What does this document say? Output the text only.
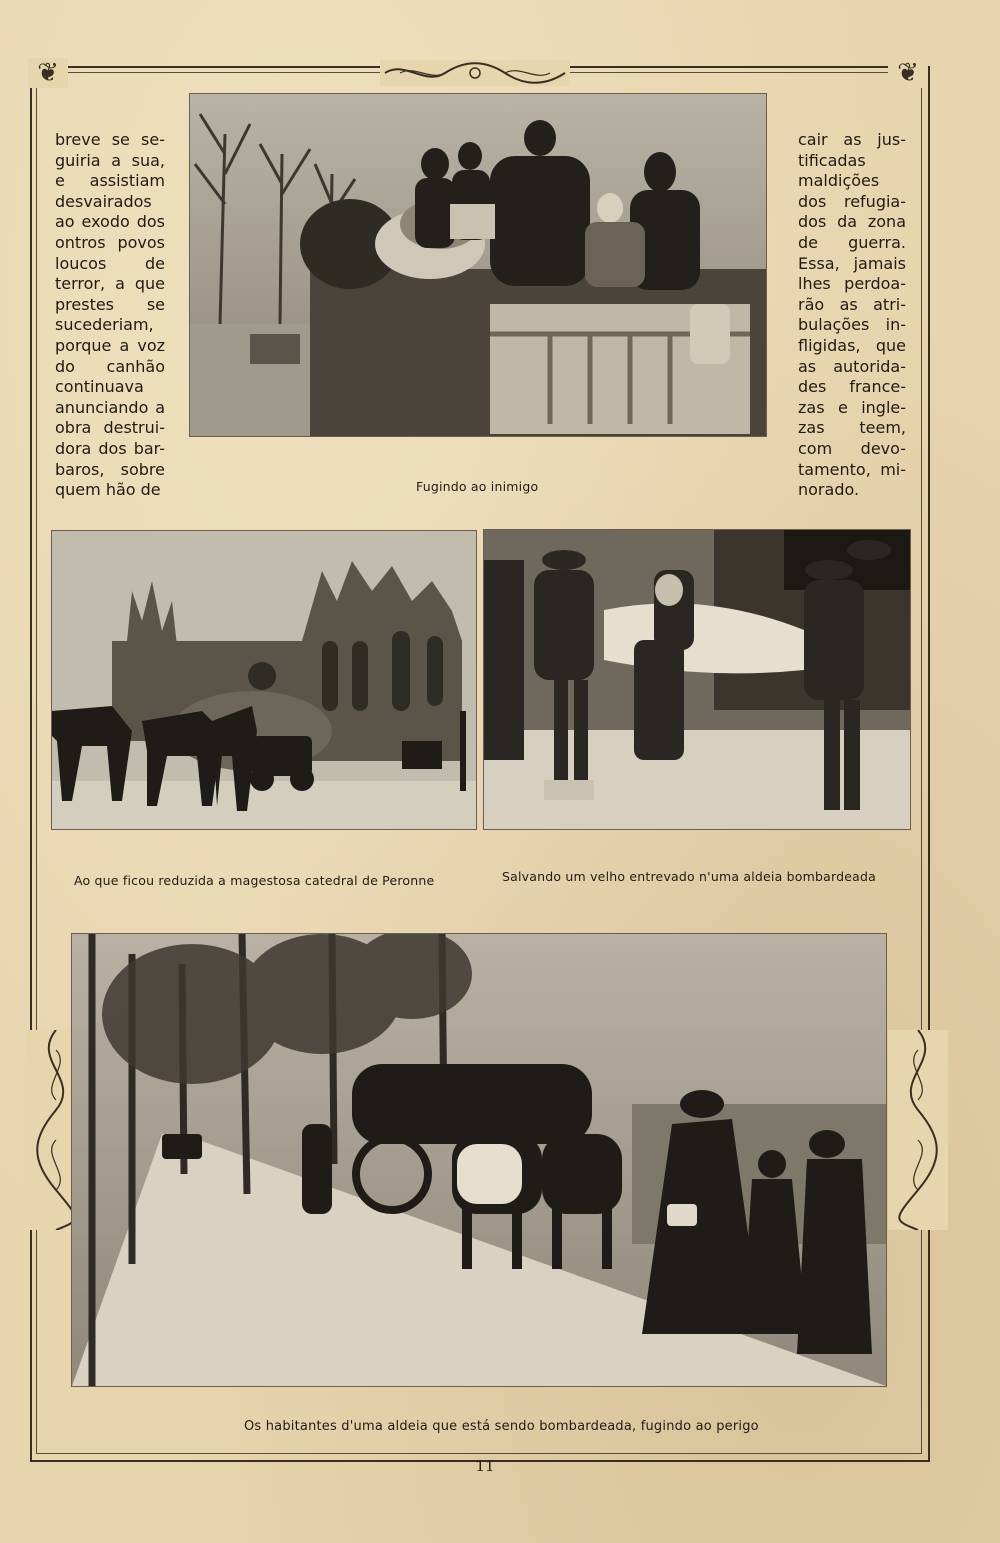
❦	❦
breve se se-
guiria a sua,
e assistiam
desvairados
ao exodo dos
ontros povos
loucos de
terror, a que
prestes se
sucederiam,
porque a voz
do canhão
continuava
anunciando a
obra destrui-
dora dos bar-
baros, sobre
quem hão de
cair as jus-
tificadas
maldições
dos refugia-
dos da zona
de guerra.
Essa, jamais
lhes perdoa-
rão as atri-
bulações in-
fligidas, que
as autorida-
des france-
zas e ingle-
zas teem,
com devo-
tamento, mi-
norado.
Fugindo ao inimigo
Ao que ficou reduzida a magestosa catedral de Peronne	Salvando um velho entrevado n'uma aldeia bombardeada
Os habitantes d'uma aldeia que está sendo bombardeada, fugindo ao perigo
11
